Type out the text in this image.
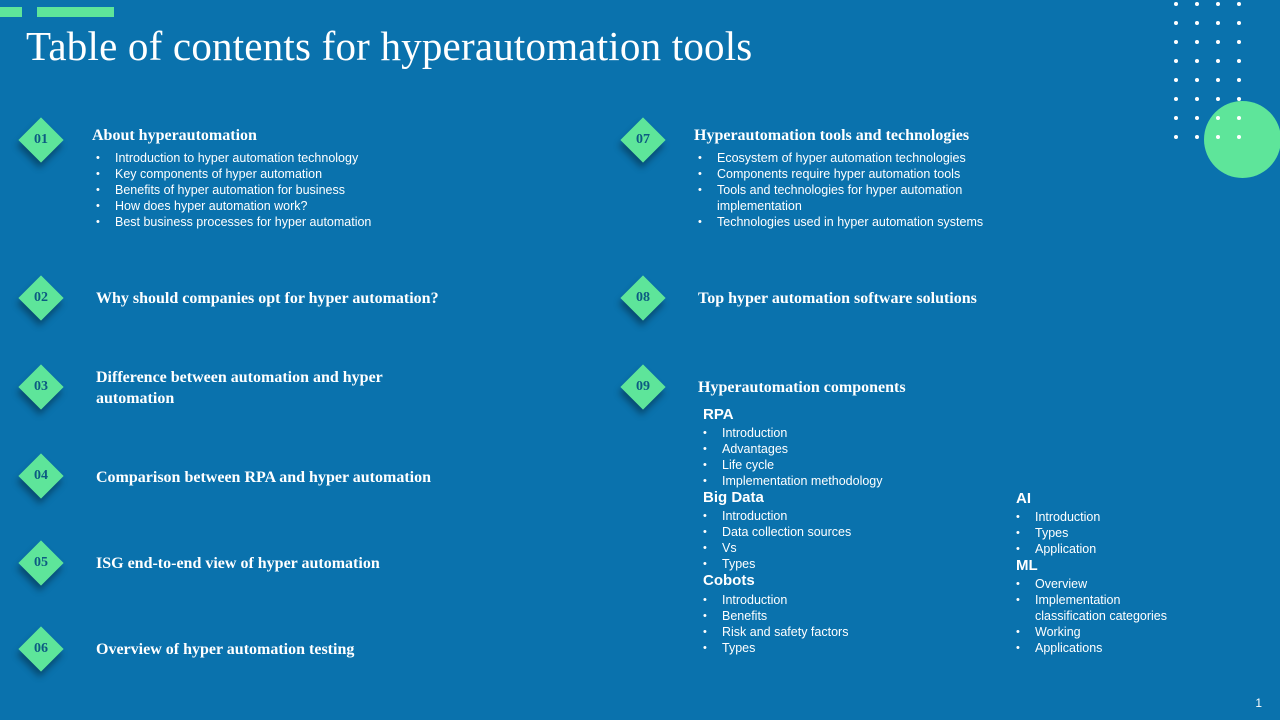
Table of contents for hyperautomation tools
01	About hyperautomation
• Introduction to hyper automation technology
• Key components of hyper automation
• Benefits of hyper automation for business
• How does hyper automation work?
• Best business processes for hyper automation
02	Why should companies opt for hyper automation?
03
Difference between automation and hyper
automation
04	Comparison between RPA and hyper automation
05	ISG end-to-end view of hyper automation
06	Overview of hyper automation testing
07	Hyperautomation tools and technologies
• Ecosystem of hyper automation technologies
• Components require hyper automation tools
• Tools and technologies for hyper automation
implementation
• Technologies used in hyper automation systems
08	Top hyper automation software solutions
09	Hyperautomation components
RPA
• Introduction
• Advantages
• Life cycle
• Implementation methodology
Big Data
• Introduction
• Data collection sources
• Vs
• Types
Cobots
• Introduction
• Benefits
• Risk and safety factors
• Types
AI
• Introduction
• Types
• Application
ML
• Overview
• Implementation classification categories
• Working
• Applications
1
